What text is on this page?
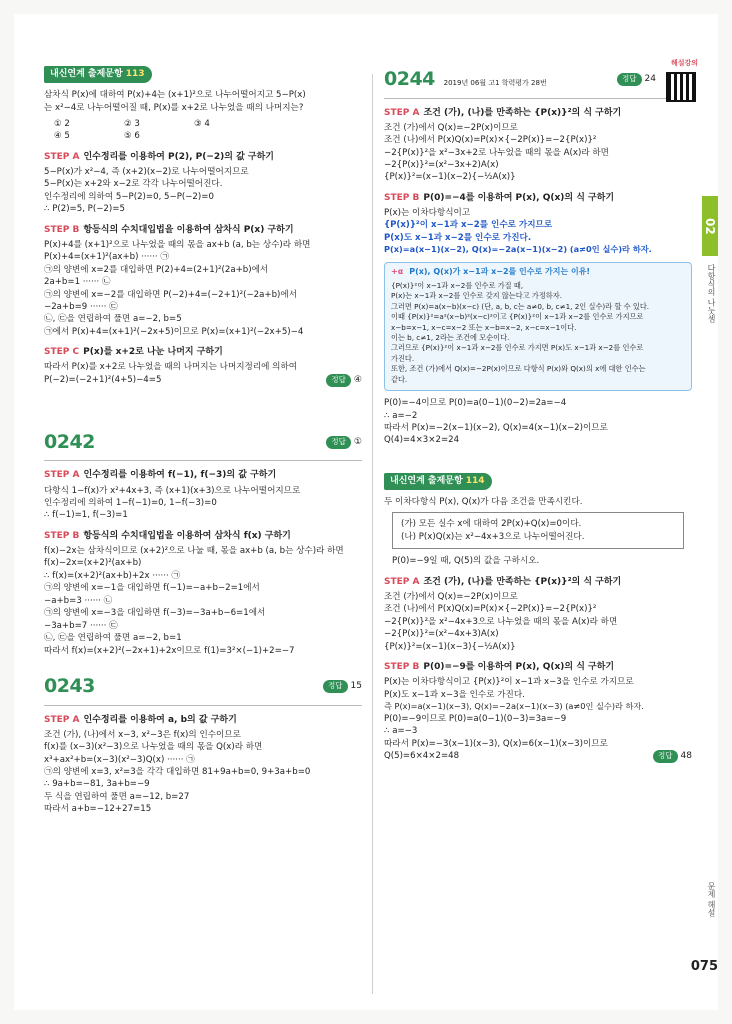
내신연계 출제문항 113
삼차식 P(x)에 대하여 P(x)+4는 (x+1)²으로 나누어떨어지고 5−P(x)
는 x²−4로 나누어떨어질 때, P(x)를 x+2로 나누었을 때의 나머지는?
① 2	② 3	③ 4
④ 5	⑤ 6
STEP A 인수정리를 이용하여 P(2), P(−2)의 값 구하기
5−P(x)가 x²−4, 즉 (x+2)(x−2)로 나누어떨어지므로
5−P(x)는 x+2와 x−2로 각각 나누어떨어진다.
인수정리에 의하여 5−P(2)=0, 5−P(−2)=0
∴ P(2)=5, P(−2)=5
STEP B 항등식의 수치대입법을 이용하여 삼차식 P(x) 구하기
P(x)+4를 (x+1)²으로 나누었을 때의 몫을 ax+b (a, b는 상수)라 하면
P(x)+4=(x+1)²(ax+b) ······ ㉠
㉠의 양변에 x=2를 대입하면 P(2)+4=(2+1)²(2a+b)에서
2a+b=1 ······ ㉡
㉠의 양변에 x=−2를 대입하면 P(−2)+4=(−2+1)²(−2a+b)에서
−2a+b=9 ······ ㉢
㉡, ㉢을 연립하여 풀면 a=−2, b=5
㉠에서 P(x)+4=(x+1)²(−2x+5)이므로 P(x)=(x+1)²(−2x+5)−4
STEP C P(x)를 x+2로 나눈 나머지 구하기
따라서 P(x)를 x+2로 나누었을 때의 나머지는 나머지정리에 의하여
P(−2)=(−2+1)²(4+5)−4=5	정답 ④
0242	정답 ①
STEP A 인수정리를 이용하여 f(−1), f(−3)의 값 구하기
다항식 1−f(x)가 x²+4x+3, 즉 (x+1)(x+3)으로 나누어떨어지므로
인수정리에 의하여 1−f(−1)=0, 1−f(−3)=0
∴ f(−1)=1, f(−3)=1
STEP B 항등식의 수치대입법을 이용하여 삼차식 f(x) 구하기
f(x)−2x는 삼차식이므로 (x+2)²으로 나눌 때, 몫을 ax+b (a, b는 상수)라 하면
f(x)−2x=(x+2)²(ax+b)
∴ f(x)=(x+2)²(ax+b)+2x ······ ㉠
㉠의 양변에 x=−1을 대입하면 f(−1)=−a+b−2=1에서
−a+b=3 ······ ㉡
㉠의 양변에 x=−3을 대입하면 f(−3)=−3a+b−6=1에서
−3a+b=7 ······ ㉢
㉡, ㉢을 연립하여 풀면 a=−2, b=1
따라서 f(x)=(x+2)²(−2x+1)+2x이므로 f(1)=3²×(−1)+2=−7
0243	정답 15
STEP A 인수정리를 이용하여 a, b의 값 구하기
조건 (가), (나)에서 x−3, x²−3은 f(x)의 인수이므로
f(x)를 (x−3)(x²−3)으로 나누었을 때의 몫을 Q(x)라 하면
x³+ax²+b=(x−3)(x²−3)Q(x) ······ ㉠
㉠의 양변에 x=3, x²=3을 각각 대입하면 81+9a+b=0, 9+3a+b=0
∴ 9a+b=−81, 3a+b=−9
두 식을 연립하여 풀면 a=−12, b=27
따라서 a+b=−12+27=15
0244 2019년 06월 고1 학력평가 28번	정답 24
STEP A 조건 (가), (나)를 만족하는 {P(x)}²의 식 구하기
조건 (가)에서 Q(x)=−2P(x)이므로
조건 (나)에서 P(x)Q(x)=P(x)×{−2P(x)}=−2{P(x)}²
−2{P(x)}²을 x²−3x+2로 나누었을 때의 몫을 A(x)라 하면
−2{P(x)}²=(x²−3x+2)A(x)
{P(x)}²=(x−1)(x−2){−½A(x)}
STEP B P(0)=−4를 이용하여 P(x), Q(x)의 식 구하기
P(x)는 이차다항식이고
{P(x)}²이 x−1과 x−2를 인수로 가지므로
P(x)도 x−1과 x−2를 인수로 가진다.
P(x)=a(x−1)(x−2), Q(x)=−2a(x−1)(x−2) (a≠0인 실수)라 하자.
+α P(x), Q(x)가 x−1과 x−2를 인수로 가지는 이유!
{P(x)}²이 x−1과 x−2를 인수로 가질 때,
P(x)는 x−1과 x−2를 인수로 갖지 않는다고 가정하자.
그러면 P(x)=a(x−b)(x−c) (단, a, b, c는 a≠0, b, c≠1, 2인 실수)라 할 수 있다.
이때 {P(x)}²=a²(x−b)²(x−c)²이고 {P(x)}²이 x−1과 x−2를 인수로 가지므로
x−b=x−1, x−c=x−2 또는 x−b=x−2, x−c=x−1이다.
이는 b, c≠1, 2라는 조건에 모순이다.
그러므로 {P(x)}²이 x−1과 x−2를 인수로 가지면 P(x)도 x−1과 x−2를 인수로
가진다.
또한, 조건 (가)에서 Q(x)=−2P(x)이므로 다항식 P(x)와 Q(x)의 x에 대한 인수는
같다.
P(0)=−4이므로 P(0)=a(0−1)(0−2)=2a=−4
∴ a=−2
따라서 P(x)=−2(x−1)(x−2), Q(x)=4(x−1)(x−2)이므로
Q(4)=4×3×2=24
내신연계 출제문항 114
두 이차다항식 P(x), Q(x)가 다음 조건을 만족시킨다.
(가) 모든 실수 x에 대하여 2P(x)+Q(x)=0이다.
(나) P(x)Q(x)는 x²−4x+3으로 나누어떨어진다.
P(0)=−9일 때, Q(5)의 값을 구하시오.
STEP A 조건 (가), (나)를 만족하는 {P(x)}²의 식 구하기
조건 (가)에서 Q(x)=−2P(x)이므로
조건 (나)에서 P(x)Q(x)=P(x)×{−2P(x)}=−2{P(x)}²
−2{P(x)}²을 x²−4x+3으로 나누었을 때의 몫을 A(x)라 하면
−2{P(x)}²=(x²−4x+3)A(x)
{P(x)}²=(x−1)(x−3){−½A(x)}
STEP B P(0)=−9를 이용하여 P(x), Q(x)의 식 구하기
P(x)는 이차다항식이고 {P(x)}²이 x−1과 x−3을 인수로 가지므로
P(x)도 x−1과 x−3을 인수로 가진다.
즉 P(x)=a(x−1)(x−3), Q(x)=−2a(x−1)(x−3) (a≠0인 실수)라 하자.
P(0)=−9이므로 P(0)=a(0−1)(0−3)=3a=−9
∴ a=−3
따라서 P(x)=−3(x−1)(x−3), Q(x)=6(x−1)(x−3)이므로
Q(5)=6×4×2=48	정답 48
해설강의
02
다항식의 나눗셈
문제 해설
075
